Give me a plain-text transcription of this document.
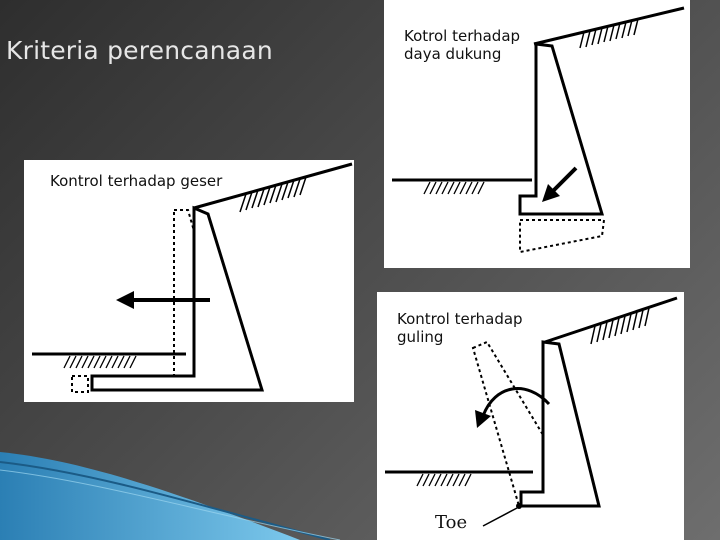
Kriteria perencanaan	Kotrol terhadap
daya dukung
Kontrol terhadap geser
Kontrol terhadap
guling
Toe
